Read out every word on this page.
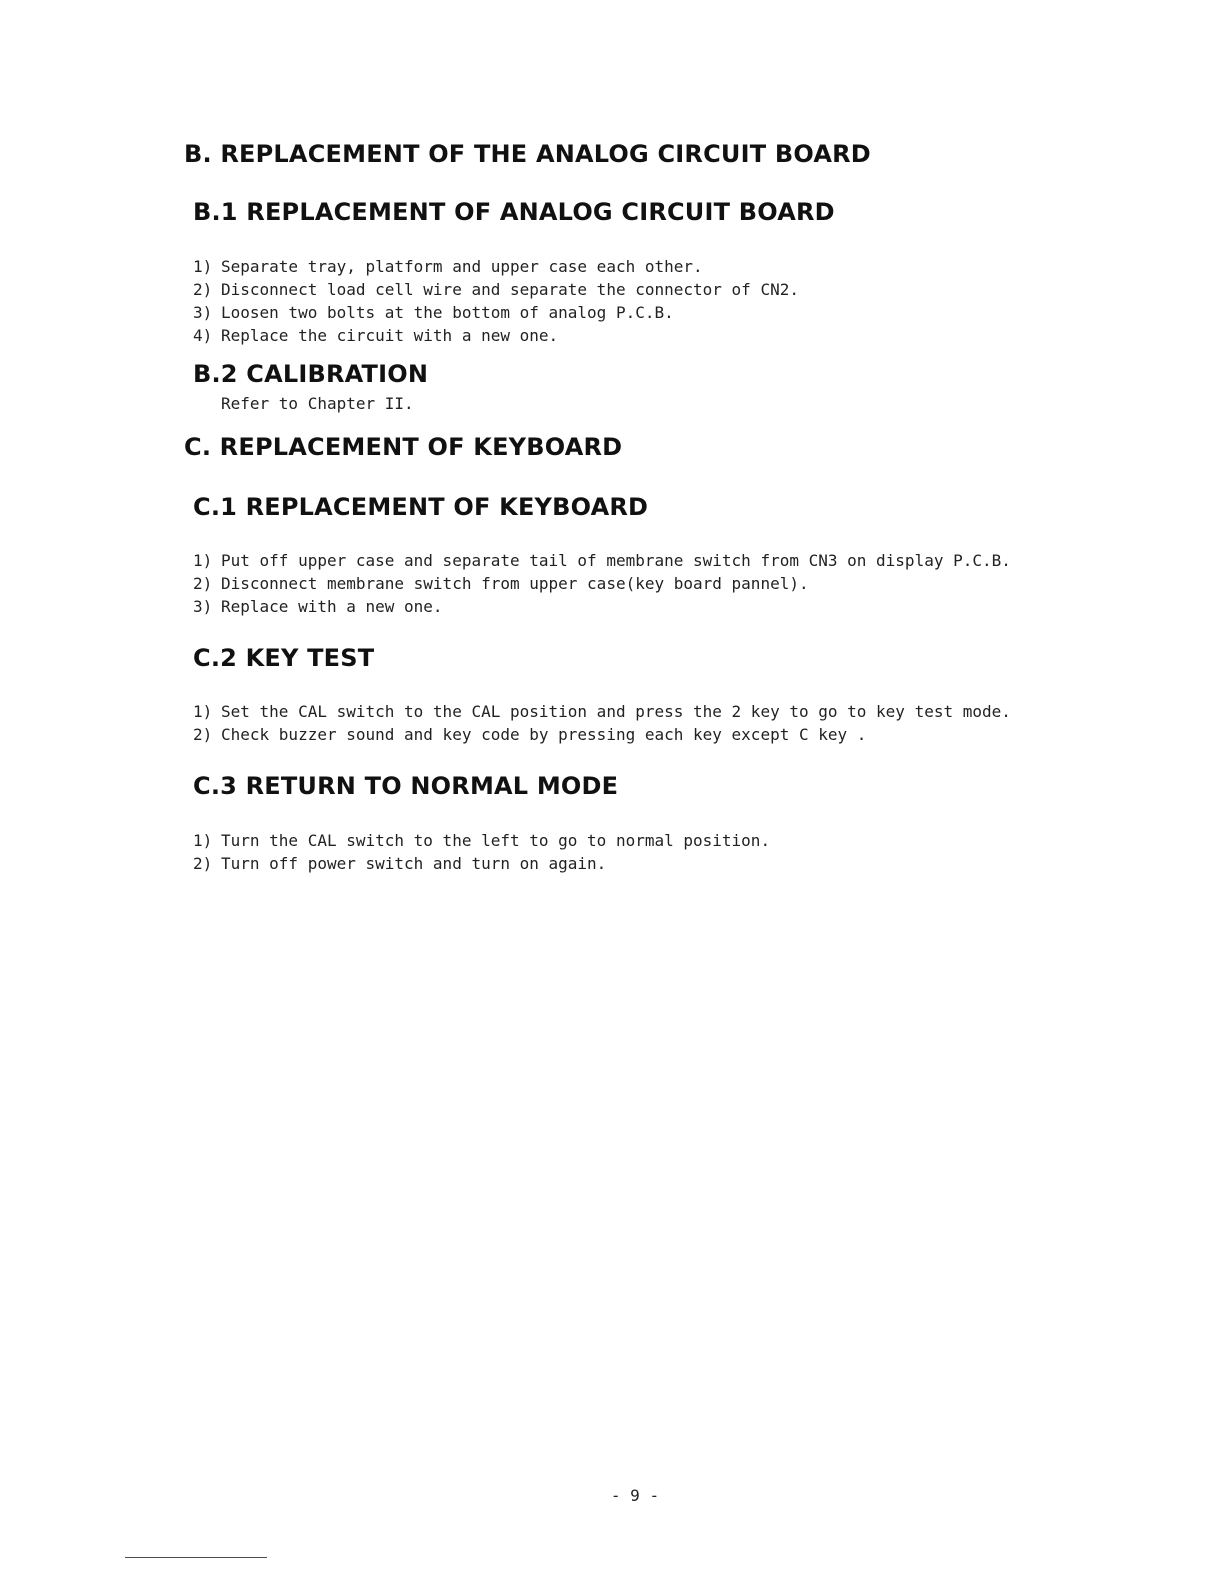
B. REPLACEMENT OF THE ANALOG CIRCUIT BOARD
B.1 REPLACEMENT OF ANALOG CIRCUIT BOARD
1) Separate tray, platform and upper case each other.
2) Disconnect load cell wire and separate the connector of CN2.
3) Loosen two bolts at the bottom of analog P.C.B.
4) Replace the circuit with a new one.
B.2 CALIBRATION
Refer to Chapter II.
C. REPLACEMENT OF KEYBOARD
C.1 REPLACEMENT OF KEYBOARD
1) Put off upper case and separate tail of membrane switch from CN3 on display P.C.B.
2) Disconnect membrane switch from upper case(key board pannel).
3) Replace with a new one.
C.2 KEY TEST
1) Set the CAL switch to the CAL position and press the 2 key to go to key test mode.
2) Check buzzer sound and key code by pressing each key except C key .
C.3 RETURN TO NORMAL MODE
1) Turn the CAL switch to the left to go to normal position.
2) Turn off power switch and turn on again.
- 9 -
